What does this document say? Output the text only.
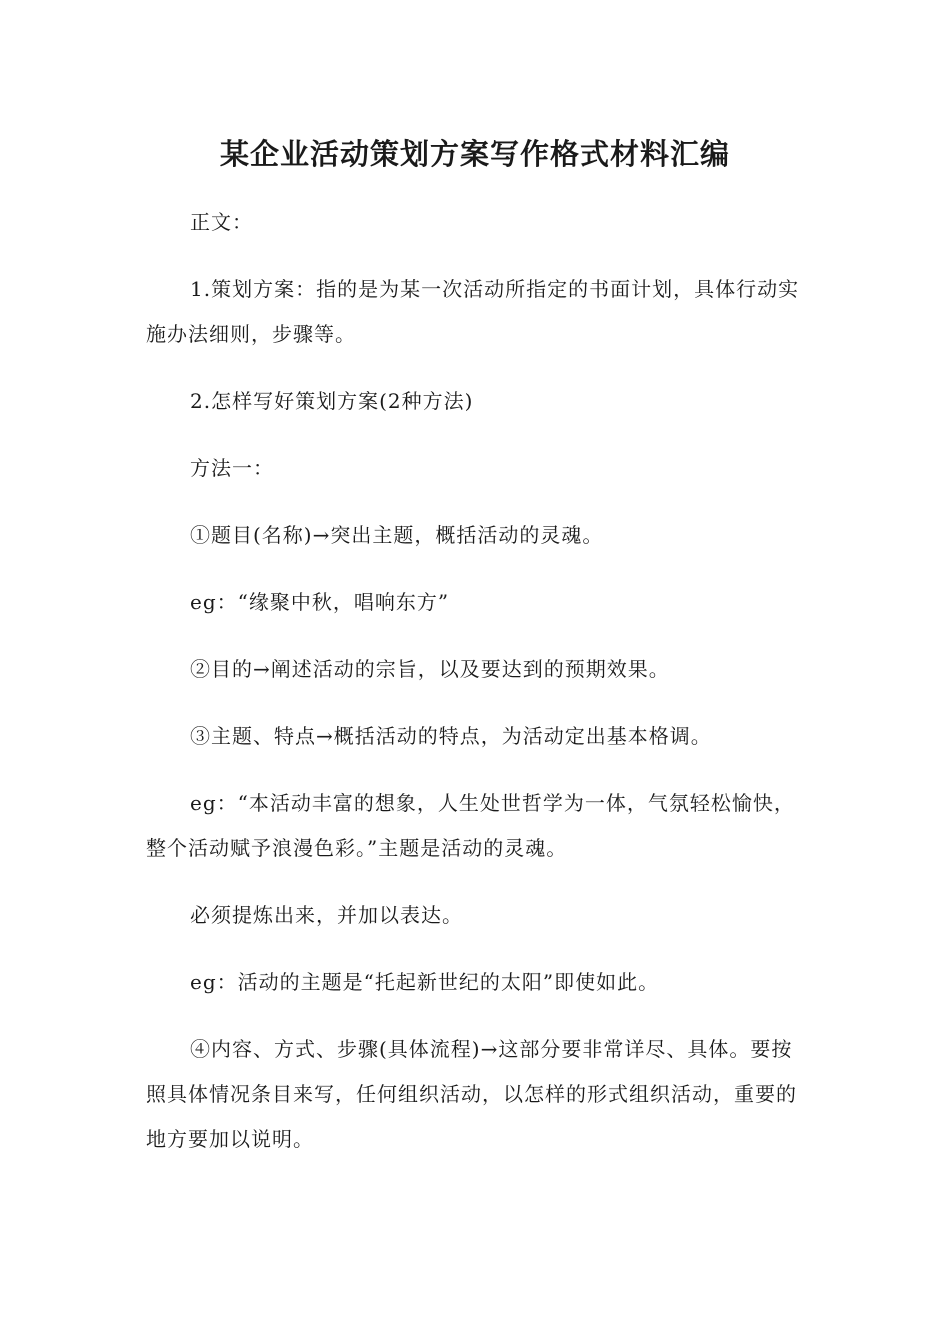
某企业活动策划方案写作格式材料汇编

正文：

1.策划方案：指的是为某一次活动所指定的书面计划，具体行动实施办法细则，步骤等。

2.怎样写好策划方案(2种方法)

方法一：

①题目(名称)→突出主题，概括活动的灵魂。

eg：“缘聚中秋，唱响东方”

②目的→阐述活动的宗旨，以及要达到的预期效果。

③主题、特点→概括活动的特点，为活动定出基本格调。

eg：“本活动丰富的想象，人生处世哲学为一体，气氛轻松愉快，整个活动赋予浪漫色彩。”主题是活动的灵魂。

必须提炼出来，并加以表达。

eg：活动的主题是“托起新世纪的太阳”即使如此。

④内容、方式、步骤(具体流程)→这部分要非常详尽、具体。要按照具体情况条目来写，任何组织活动，以怎样的形式组织活动，重要的地方要加以说明。
